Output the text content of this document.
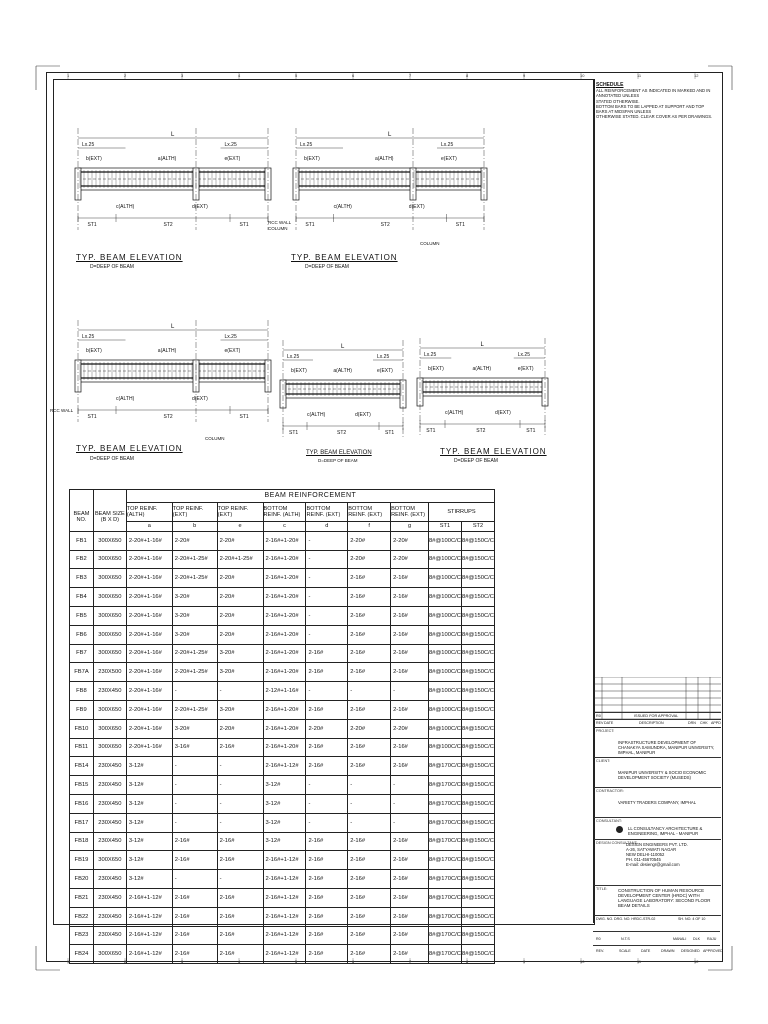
1
1
2
2
3
3
4
4
5
5
6
6
7
7
8
8
9
9
10
10
11
11
12
12
SCHEDULE
ALL REINFORCEMENT AS INDICATED IN MARKED AND IN ANNOTATED UNLESS
STATED OTHERWISE.
BOTTOM BARS TO BE LAPPED AT SUPPORT AND TOP BARS AT MIDSPAN UNLESS
OTHERWISE STATED. CLEAR COVER AS PER DRAWINGS.
L
Lx.25	Lx.25
b(EXT)	a(ALTH)	e(EXT)
c(ALTH)	d(EXT)
ST1	ST2	ST1
L
Lx.25	Lx.25
b(EXT)	a(ALTH)	e(EXT)
c(ALTH)	d(EXT)
ST1	ST2	ST1
L
Lx.25	Lx.25
b(EXT)	a(ALTH)	e(EXT)
c(ALTH)	d(EXT)
ST1	ST2	ST1
L
Lx.25	Lx.25
b(EXT)	a(ALTH)	e(EXT)
c(ALTH)	d(EXT)
ST1	ST2	ST1
L
Lx.25	Lx.25
b(EXT)	a(ALTH)	e(EXT)
c(ALTH)	d(EXT)
ST1	ST2	ST1
RCC WALL
COLUMN
RCC WALL
COLUMN
COLUMN
TYP. BEAM ELEVATION
D=DEEP OF BEAM
TYP. BEAM ELEVATION
D=DEEP OF BEAM
TYP. BEAM ELEVATION
D=DEEP OF BEAM
TYP. BEAM ELEVATION
D=DEEP OF BEAM
TYP. BEAM ELEVATION
D=DEEP OF BEAM
		BEAM REINFORCEMENT								
BEAM NO.	BEAM SIZE (B X D)	TOP REINF. (ALTH)	TOP REINF. (EXT)	TOP REINF. (EXT)	BOTTOM REINF. (ALTH)	BOTTOM REINF. (EXT)	BOTTOM REINF. (EXT)	BOTTOM REINF. (EXT)	STIRRUPS	
		a	b	e	c	d	f	g	ST1	ST2
FB1	300X650	2-20#+1-16#	2-20#	2-20#	2-16#+1-20#	-	2-20#	2-20#	8#@100C/C	8#@150C/C
FB2	300X650	2-20#+1-16#	2-20#+1-25#	2-20#+1-25#	2-16#+1-20#	-	2-20#	2-20#	8#@100C/C	8#@150C/C
FB3	300X650	2-20#+1-16#	2-20#+1-25#	2-20#	2-16#+1-20#	-	2-16#	2-16#	8#@100C/C	8#@150C/C
FB4	300X650	2-20#+1-16#	3-20#	2-20#	2-16#+1-20#	-	2-16#	2-16#	8#@100C/C	8#@150C/C
FB5	300X650	2-20#+1-16#	3-20#	2-20#	2-16#+1-20#	-	2-16#	2-16#	8#@100C/C	8#@150C/C
FB6	300X650	2-20#+1-16#	3-20#	2-20#	2-16#+1-20#	-	2-16#	2-16#	8#@100C/C	8#@150C/C
FB7	300X650	2-20#+1-16#	2-20#+1-25#	3-20#	2-16#+1-20#	2-16#	2-16#	2-16#	8#@100C/C	8#@150C/C
FB7A	230X500	2-20#+1-16#	2-20#+1-25#	3-20#	2-16#+1-20#	2-16#	2-16#	2-16#	8#@100C/C	8#@150C/C
FB8	230X450	2-20#+1-16#	-	-	2-12#+1-16#	-	-	-	8#@100C/C	8#@150C/C
FB9	300X650	2-20#+1-16#	2-20#+1-25#	3-20#	2-16#+1-20#	2-16#	2-16#	2-16#	8#@100C/C	8#@150C/C
FB10	300X650	2-20#+1-16#	3-20#	2-20#	2-16#+1-20#	2-20#	2-20#	2-20#	8#@100C/C	8#@150C/C
FB11	300X650	2-20#+1-16#	3-16#	2-16#	2-16#+1-20#	2-16#	2-16#	2-16#	8#@100C/C	8#@150C/C
FB14	230X450	3-12#	-	-	2-16#+1-12#	2-16#	2-16#	2-16#	8#@170C/C	8#@150C/C
FB15	230X450	3-12#	-	-	3-12#	-	-	-	8#@170C/C	8#@150C/C
FB16	230X450	3-12#	-	-	3-12#	-	-	-	8#@170C/C	8#@150C/C
FB17	230X450	3-12#	-	-	3-12#	-	-	-	8#@170C/C	8#@150C/C
FB18	230X450	3-12#	2-16#	2-16#	3-12#	2-16#	2-16#	2-16#	8#@170C/C	8#@150C/C
FB19	300X650	3-12#	2-16#	2-16#	2-16#+1-12#	2-16#	2-16#	2-16#	8#@170C/C	8#@150C/C
FB20	230X450	3-12#	-	-	2-16#+1-12#	2-16#	2-16#	2-16#	8#@170C/C	8#@150C/C
FB21	230X450	2-16#+1-12#	2-16#	2-16#	2-16#+1-12#	2-16#	2-16#	2-16#	8#@170C/C	8#@150C/C
FB22	230X450	2-16#+1-12#	2-16#	2-16#	2-16#+1-12#	2-16#	2-16#	2-16#	8#@170C/C	8#@150C/C
FB23	230X450	2-16#+1-12#	2-16#	2-16#	2-16#+1-12#	2-16#	2-16#	2-16#	8#@170C/C	8#@150C/C
FB24	300X650	2-16#+1-12#	2-16#	2-16#	2-16#+1-12#	2-16#	2-16#	2-16#	8#@170C/C	8#@150C/C
R0	ISSUED FOR APPROVAL
REV DATE	DESCRIPTION	DRN CHK APPD
PROJECT:
INFRASTRUCTURE DEVELOPMENT OF CHANAKYA SAMUNDRA, MANIPUR UNIVERSITY, IMPHAL, MANIPUR
CLIENT:
MANIPUR UNIVERSITY & SOCIO ECONOMIC DEVELOPMENT SOCIETY (MUSEDS)
CONTRACTOR:
VARIETY TRADERS COMPANY, IMPHAL
CONSULTANT:
LL CONSULTANCY ARCHITECTURE & ENGINEERING, IMPHAL - MANIPUR
DESIGN CONSULTANT:
DESIGN ENGINEERS PVT. LTD.
A-26, SATYAWATI NAGAR
NEW DELHI-110052
PH. 011-45670545
E-mail: desiengr@gmail.com
TITLE:	CONSTRUCTION OF HUMAN RESOURCE DEVELOPMENT CENTER (HRDC) WITH LANGUAGE LABORATORY: SECOND FLOOR BEAM DETAILS
DWG. NO. DRG. NO. HRDC-STR-02	SH. NO. 4 OF 10
R0	N.T.S	MANALI DLK RAJU
REV.	SCALE	DATE	DRAWN DESIGNED APPROVED
